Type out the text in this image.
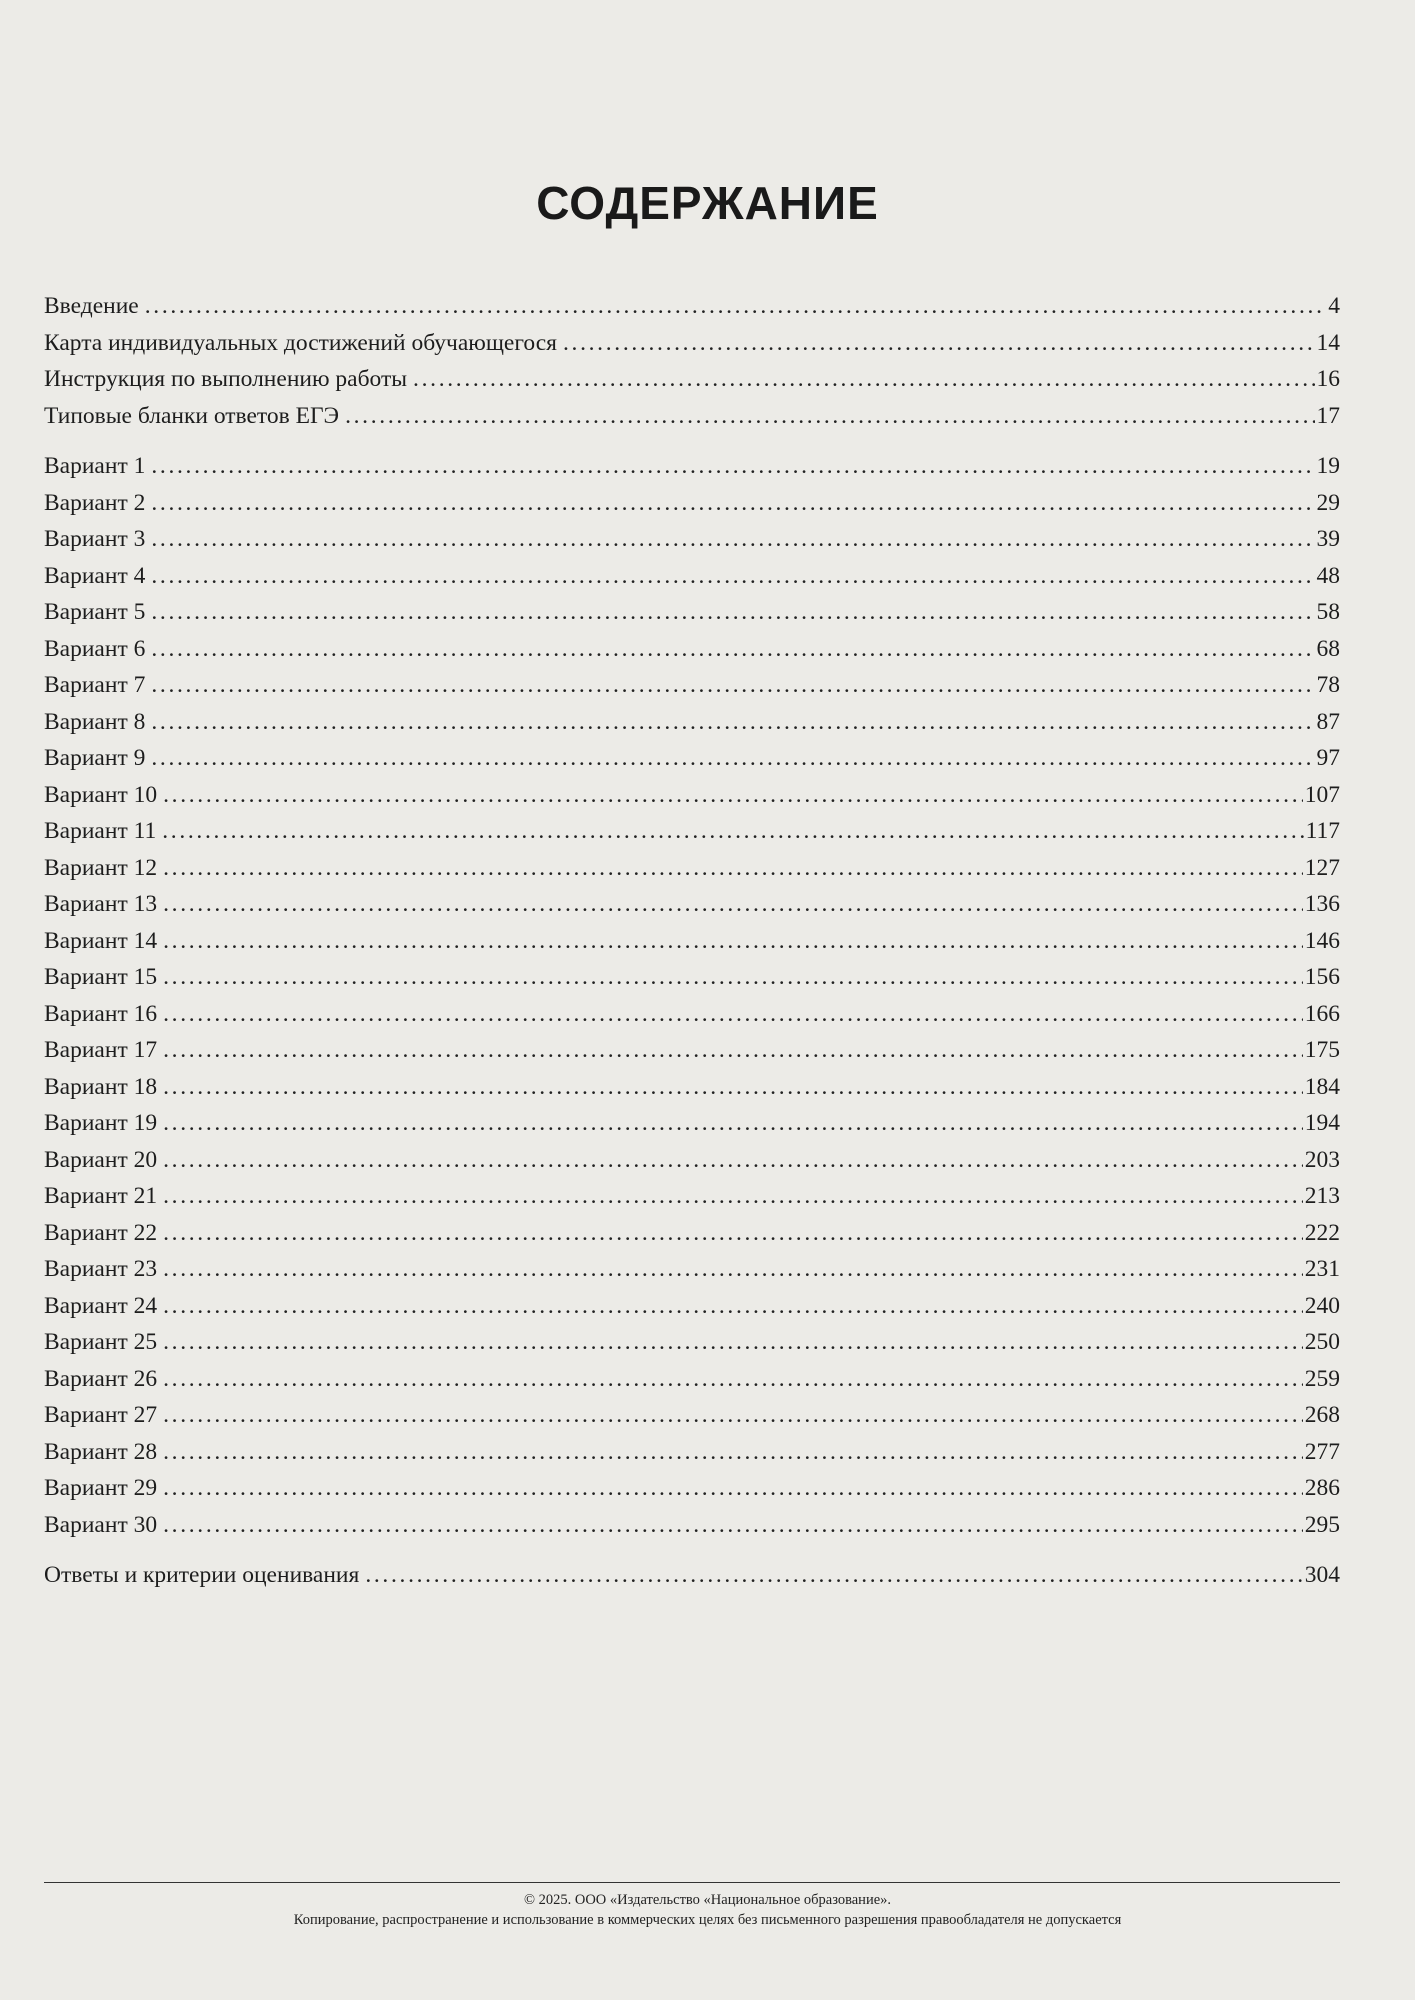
СОДЕРЖАНИЕ
Введение . . .	4
Карта индивидуальных достижений обучающегося . . .	14
Инструкция по выполнению работы . . .	16
Типовые бланки ответов ЕГЭ . . .	17
Вариант 1 . . .	19
Вариант 2 . . .	29
Вариант 3 . . .	39
Вариант 4 . . .	48
Вариант 5 . . .	58
Вариант 6 . . .	68
Вариант 7 . . .	78
Вариант 8 . . .	87
Вариант 9 . . .	97
Вариант 10 . . .	107
Вариант 11 . . .	117
Вариант 12 . . .	127
Вариант 13 . . .	136
Вариант 14 . . .	146
Вариант 15 . . .	156
Вариант 16 . . .	166
Вариант 17 . . .	175
Вариант 18 . . .	184
Вариант 19 . . .	194
Вариант 20 . . .	203
Вариант 21 . . .	213
Вариант 22 . . .	222
Вариант 23 . . .	231
Вариант 24 . . .	240
Вариант 25 . . .	250
Вариант 26 . . .	259
Вариант 27 . . .	268
Вариант 28 . . .	277
Вариант 29 . . .	286
Вариант 30 . . .	295
Ответы и критерии оценивания . . .	304
© 2025. ООО «Издательство «Национальное образование».
Копирование, распространение и использование в коммерческих целях без письменного разрешения правообладателя не допускается
